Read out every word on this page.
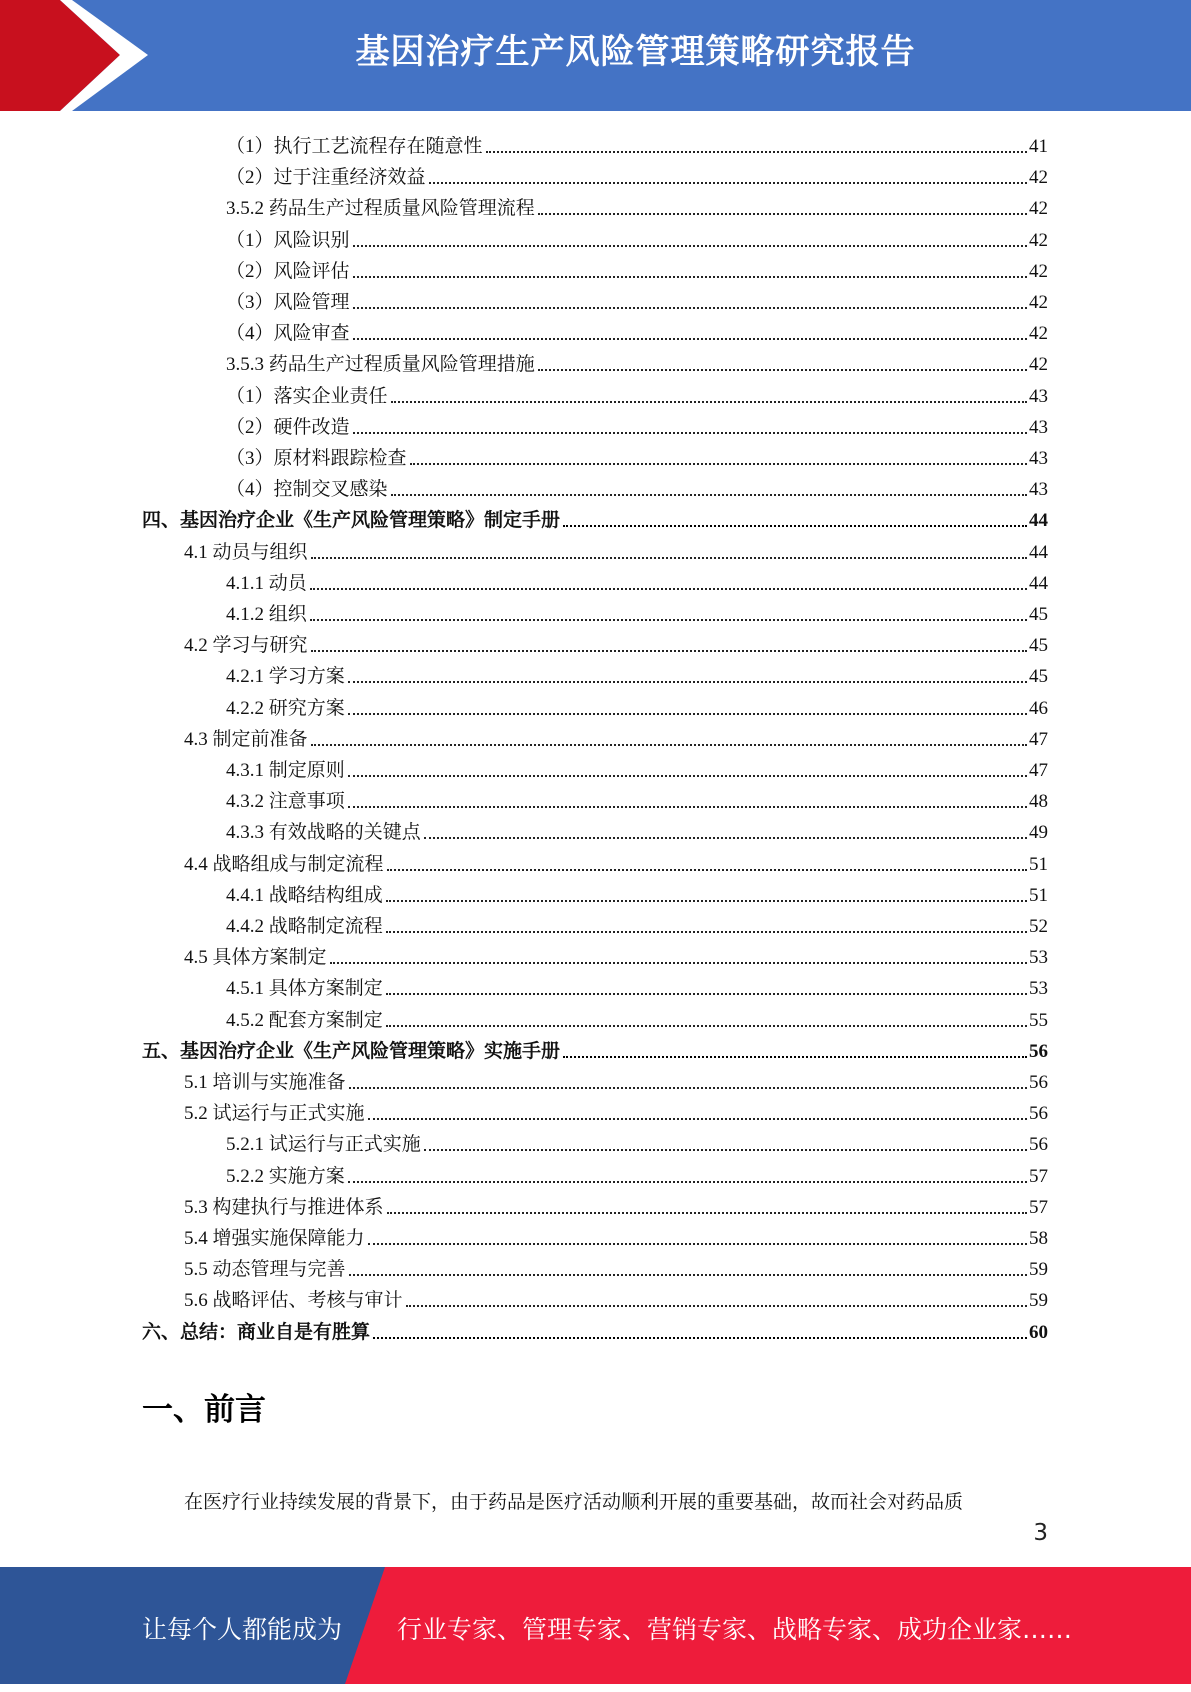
基因治疗生产风险管理策略研究报告
（1）执行工艺流程存在随意性	41
（2）过于注重经济效益	42
3.5.2 药品生产过程质量风险管理流程	42
（1）风险识别	42
（2）风险评估	42
（3）风险管理	42
（4）风险审查	42
3.5.3 药品生产过程质量风险管理措施	42
（1）落实企业责任	43
（2）硬件改造	43
（3）原材料跟踪检查	43
（4）控制交叉感染	43
四、基因治疗企业《生产风险管理策略》制定手册	44
4.1 动员与组织	44
4.1.1 动员	44
4.1.2 组织	45
4.2 学习与研究	45
4.2.1 学习方案	45
4.2.2 研究方案	46
4.3 制定前准备	47
4.3.1 制定原则	47
4.3.2 注意事项	48
4.3.3 有效战略的关键点	49
4.4 战略组成与制定流程	51
4.4.1 战略结构组成	51
4.4.2 战略制定流程	52
4.5 具体方案制定	53
4.5.1 具体方案制定	53
4.5.2 配套方案制定	55
五、基因治疗企业《生产风险管理策略》实施手册	56
5.1 培训与实施准备	56
5.2 试运行与正式实施	56
5.2.1 试运行与正式实施	56
5.2.2 实施方案	57
5.3 构建执行与推进体系	57
5.4 增强实施保障能力	58
5.5 动态管理与完善	59
5.6 战略评估、考核与审计	59
六、总结：商业自是有胜算	60
一、前言
在医疗行业持续发展的背景下，由于药品是医疗活动顺利开展的重要基础，故而社会对药品质
3
让每个人都能成为 行业专家、管理专家、营销专家、战略专家、成功企业家……
